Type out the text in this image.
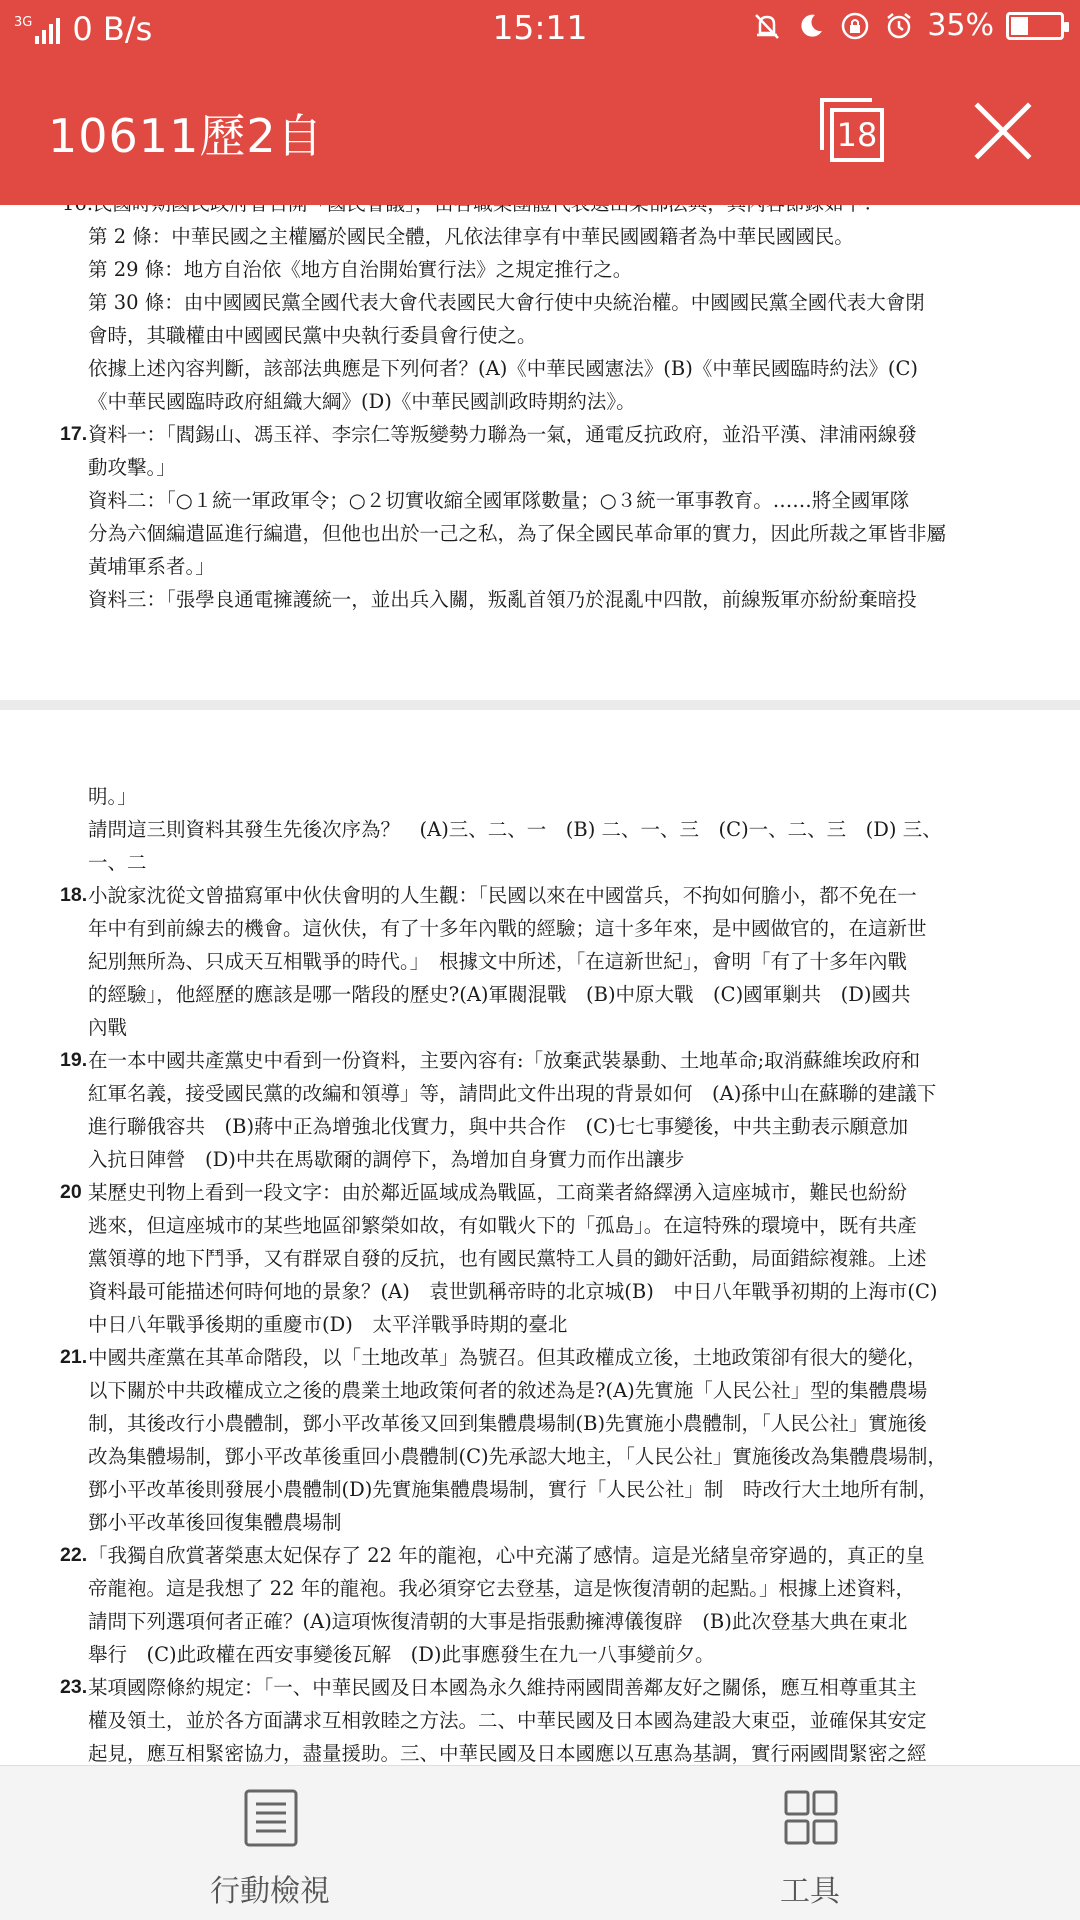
3G 0 B/s	15:11	35%
10611歷2自	18
第 2 條：中華民國之主權屬於國民全體，凡依法律享有中華民國國籍者為中華民國國民。
第 29 條：地方自治依《地方自治開始實行法》之規定推行之。
第 30 條：由中國國民黨全國代表大會代表國民大會行使中央統治權。中國國民黨全國代表大會閉
會時，其職權由中國國民黨中央執行委員會行使之。
依據上述內容判斷，該部法典應是下列何者？(A)《中華民國憲法》(B)《中華民國臨時約法》(C)
《中華民國臨時政府組織大綱》(D)《中華民國訓政時期約法》。
17. 資料一：「閻錫山、馮玉祥、李宗仁等叛變勢力聯為一氣，通電反抗政府，並沿平漢、津浦兩線發
動攻擊。」
資料二：「○１統一軍政軍令；○２切實收縮全國軍隊數量；○３統一軍事教育。……將全國軍隊
分為六個編遣區進行編遣，但他也出於一己之私，為了保全國民革命軍的實力，因此所裁之軍皆非屬
黃埔軍系者。」
資料三：「張學良通電擁護統一，並出兵入關，叛亂首領乃於混亂中四散，前線叛軍亦紛紛棄暗投
明。」
請問這三則資料其發生先後次序為？　(A)三、二、一　(B) 二、一、三　(C)一、二、三　(D) 三、
一、二
18. 小說家沈從文曾描寫軍中伙伕會明的人生觀：「民國以來在中國當兵，不拘如何膽小，都不免在一
年中有到前線去的機會。這伙伕，有了十多年內戰的經驗；這十多年來，是中國做官的，在這新世
紀別無所為、只成天互相戰爭的時代。」　根據文中所述，「在這新世紀」，會明「有了十多年內戰
的經驗」，他經歷的應該是哪一階段的歷史?(A)軍閥混戰　(B)中原大戰　(C)國軍剿共　(D)國共
內戰
19. 在一本中國共產黨史中看到一份資料，主要內容有:「放棄武裝暴動、土地革命;取消蘇維埃政府和
紅軍名義，接受國民黨的改編和領導」等，請問此文件出現的背景如何　(A)孫中山在蘇聯的建議下
進行聯俄容共　(B)蔣中正為增強北伐實力，與中共合作　(C)七七事變後，中共主動表示願意加
入抗日陣營　(D)中共在馬歇爾的調停下，為增加自身實力而作出讓步
20 某歷史刊物上看到一段文字：由於鄰近區域成為戰區，工商業者絡繹湧入這座城市，難民也紛紛
逃來，但這座城市的某些地區卻繁榮如故，有如戰火下的「孤島」。在這特殊的環境中，既有共產
黨領導的地下鬥爭，又有群眾自發的反抗，也有國民黨特工人員的鋤奸活動，局面錯綜複雜。上述
資料最可能描述何時何地的景象？(A)　袁世凱稱帝時的北京城(B)　中日八年戰爭初期的上海市(C)
中日八年戰爭後期的重慶市(D)　太平洋戰爭時期的臺北
21. 中國共產黨在其革命階段，以「土地改革」為號召。但其政權成立後，土地政策卻有很大的變化，
以下關於中共政權成立之後的農業土地政策何者的敘述為是?(A)先實施「人民公社」型的集體農場
制，其後改行小農體制，鄧小平改革後又回到集體農場制(B)先實施小農體制，「人民公社」實施後
改為集體場制，鄧小平改革後重回小農體制(C)先承認大地主，「人民公社」實施後改為集體農場制，
鄧小平改革後則發展小農體制(D)先實施集體農場制，實行「人民公社」制　時改行大土地所有制，
鄧小平改革後回復集體農場制
22. 「我獨自欣賞著榮惠太妃保存了 22 年的龍袍，心中充滿了感情。這是光緒皇帝穿過的，真正的皇
帝龍袍。這是我想了 22 年的龍袍。我必須穿它去登基，這是恢復清朝的起點。」根據上述資料，
請問下列選項何者正確？(A)這項恢復清朝的大事是指張勳擁溥儀復辟　(B)此次登基大典在東北
舉行　(C)此政權在西安事變後瓦解　(D)此事應發生在九一八事變前夕。
23. 某項國際條約規定：「一、中華民國及日本國為永久維持兩國間善鄰友好之關係，應互相尊重其主
權及領土，並於各方面講求互相敦睦之方法。二、中華民國及日本國為建設大東亞，並確保其安定
起見，應互相緊密協力，盡量援助。三、中華民國及日本國應以互惠為基調，實行兩國間緊密之經
行動檢視	工具
